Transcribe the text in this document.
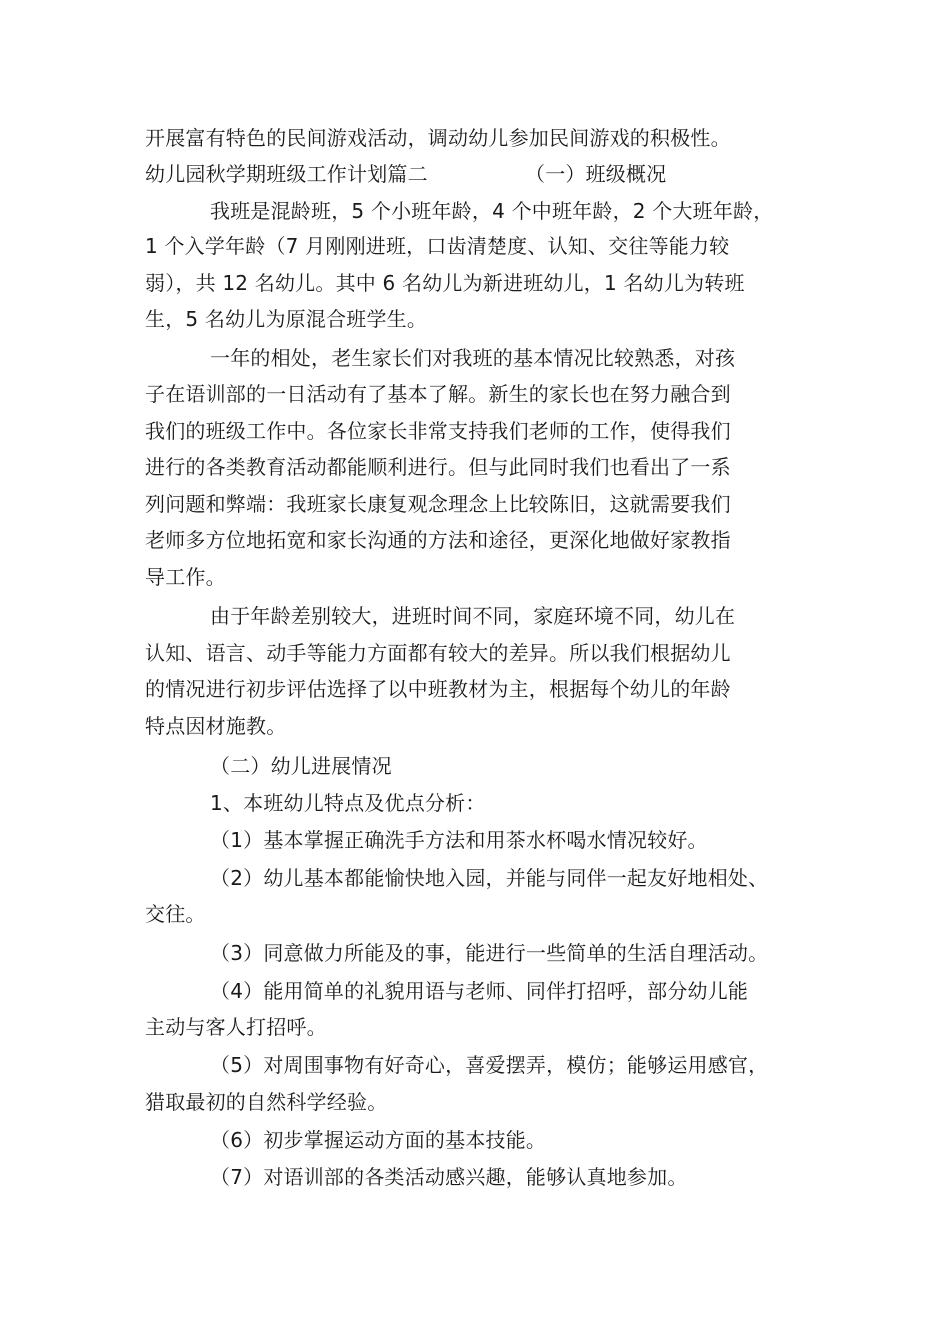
开展富有特色的民间游戏活动，调动幼儿参加民间游戏的积极性。
幼儿园秋学期班级工作计划篇二	（一）班级概况
我班是混龄班，5 个小班年龄，4 个中班年龄，2 个大班年龄，
1 个入学年龄（7 月刚刚进班，口齿清楚度、认知、交往等能力较
弱），共 12 名幼儿。其中 6 名幼儿为新进班幼儿，1 名幼儿为转班
生，5 名幼儿为原混合班学生。
一年的相处，老生家长们对我班的基本情况比较熟悉，对孩
子在语训部的一日活动有了基本了解。新生的家长也在努力融合到
我们的班级工作中。各位家长非常支持我们老师的工作，使得我们
进行的各类教育活动都能顺利进行。但与此同时我们也看出了一系
列问题和弊端：我班家长康复观念理念上比较陈旧，这就需要我们
老师多方位地拓宽和家长沟通的方法和途径，更深化地做好家教指
导工作。
由于年龄差别较大，进班时间不同，家庭环境不同，幼儿在
认知、语言、动手等能力方面都有较大的差异。所以我们根据幼儿
的情况进行初步评估选择了以中班教材为主，根据每个幼儿的年龄
特点因材施教。
（二）幼儿进展情况
1、本班幼儿特点及优点分析：
（1）基本掌握正确洗手方法和用茶水杯喝水情况较好。
（2）幼儿基本都能愉快地入园，并能与同伴一起友好地相处、
交往。
（3）同意做力所能及的事，能进行一些简单的生活自理活动。
（4）能用简单的礼貌用语与老师、同伴打招呼，部分幼儿能
主动与客人打招呼。
（5）对周围事物有好奇心，喜爱摆弄，模仿；能够运用感官，
猎取最初的自然科学经验。
（6）初步掌握运动方面的基本技能。
（7）对语训部的各类活动感兴趣，能够认真地参加。
